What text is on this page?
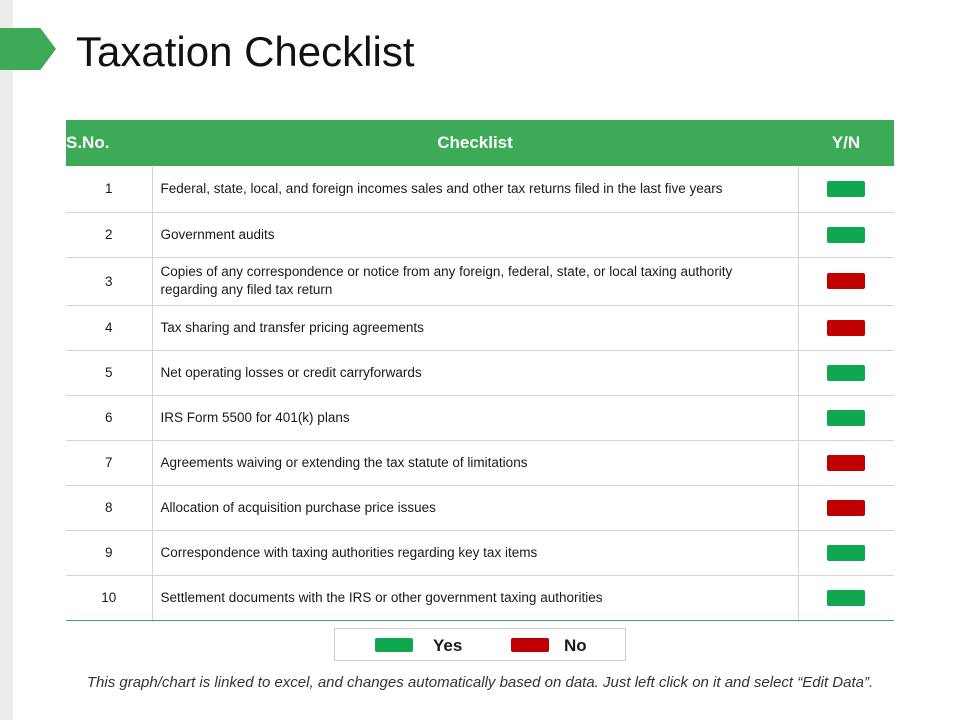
Taxation Checklist
S.No.	Checklist	Y/N
1	Federal, state, local, and foreign incomes sales and other tax returns filed in the last five years	
2	Government audits	
3	Copies of any correspondence or notice from any foreign, federal, state, or local taxing authority regarding any filed tax return	
4	Tax sharing and transfer pricing agreements	
5	Net operating losses or credit carryforwards	
6	IRS Form 5500 for 401(k) plans	
7	Agreements waiving or extending the tax statute of limitations	
8	Allocation of acquisition purchase price issues	
9	Correspondence with taxing authorities regarding key tax items	
10	Settlement documents with the IRS or other government taxing authorities	
Yes	No

This graph/chart is linked to excel, and changes automatically based on data. Just left click on it and select “Edit Data”.
